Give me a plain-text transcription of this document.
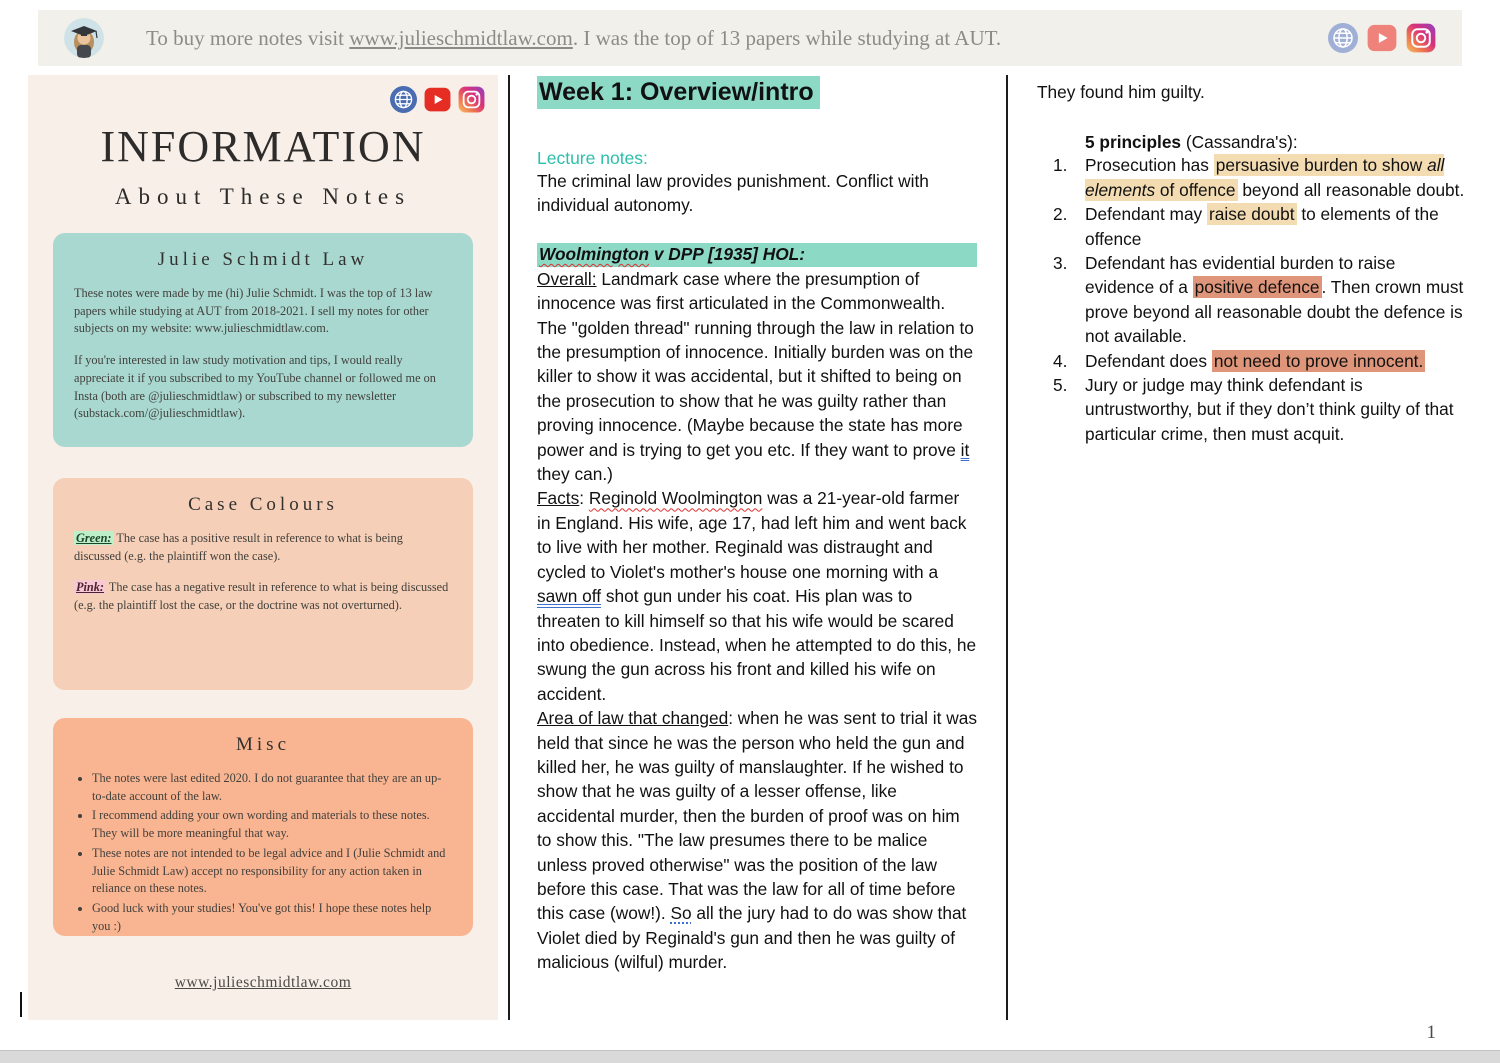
To buy more notes visit www.julieschmidtlaw.com. I was the top of 13 papers while studying at AUT.

INFORMATION
About These Notes
Julie Schmidt Law

These notes were made by me (hi) Julie Schmidt. I was the top of 13 law papers while studying at AUT from 2018-2021. I sell my notes for other subjects on my website: www.julieschmidtlaw.com.

If you're interested in law study motivation and tips, I would really appreciate it if you subscribed to my YouTube channel or followed me on Insta (both are @julieschmidtlaw) or subscribed to my newsletter (substack.com/@julieschmidtlaw).

Case Colours

Green: The case has a positive result in reference to what is being discussed (e.g. the plaintiff won the case).

Pink: The case has a negative result in reference to what is being discussed (e.g. the plaintiff lost the case, or the doctrine was not overturned).

Misc
• The notes were last edited 2020. I do not guarantee that they are an up-to-date account of the law.
• I recommend adding your own wording and materials to these notes. They will be more meaningful that way.
• These notes are not intended to be legal advice and I (Julie Schmidt and Julie Schmidt Law) accept no responsibility for any action taken in reliance on these notes.
• Good luck with your studies! You've got this! I hope these notes help you :)
www.julieschmidtlaw.com
Week 1: Overview/intro

Lecture notes:

The criminal law provides punishment. Conflict with individual autonomy.

Woolmington v DPP [1935] HOL:

Overall: Landmark case where the presumption of innocence was first articulated in the Commonwealth. The "golden thread" running through the law in relation to the presumption of innocence. Initially burden was on the killer to show it was accidental, but it shifted to being on the prosecution to show that he was guilty rather than proving innocence. (Maybe because the state has more power and is trying to get you etc. If they want to prove it they can.)

Facts: Reginold Woolmington was a 21-year-old farmer in England. His wife, age 17, had left him and went back to live with her mother. Reginald was distraught and cycled to Violet's mother's house one morning with a sawn off shot gun under his coat. His plan was to threaten to kill himself so that his wife would be scared into obedience. Instead, when he attempted to do this, he swung the gun across his front and killed his wife on accident.

Area of law that changed: when he was sent to trial it was held that since he was the person who held the gun and killed her, he was guilty of manslaughter. If he wished to show that he was guilty of a lesser offense, like accidental murder, then the burden of proof was on him to show this. "The law presumes there to be malice unless proved otherwise" was the position of the law before this case. That was the law for all of time before this case (wow!). So all the jury had to do was show that Violet died by Reginald's gun and then he was guilty of malicious (wilful) murder.

They found him guilty.

5 principles (Cassandra's):

Prosecution has persuasive burden to show all elements of offence beyond all reasonable doubt.
Defendant may raise doubt to elements of the offence
Defendant has evidential burden to raise evidence of a positive defence . Then crown must prove beyond all reasonable doubt the defence is not available.
Defendant does not need to prove innocent.
Jury or judge may think defendant is untrustworthy, but if they don’t think guilty of that particular crime, then must acquit.
1
